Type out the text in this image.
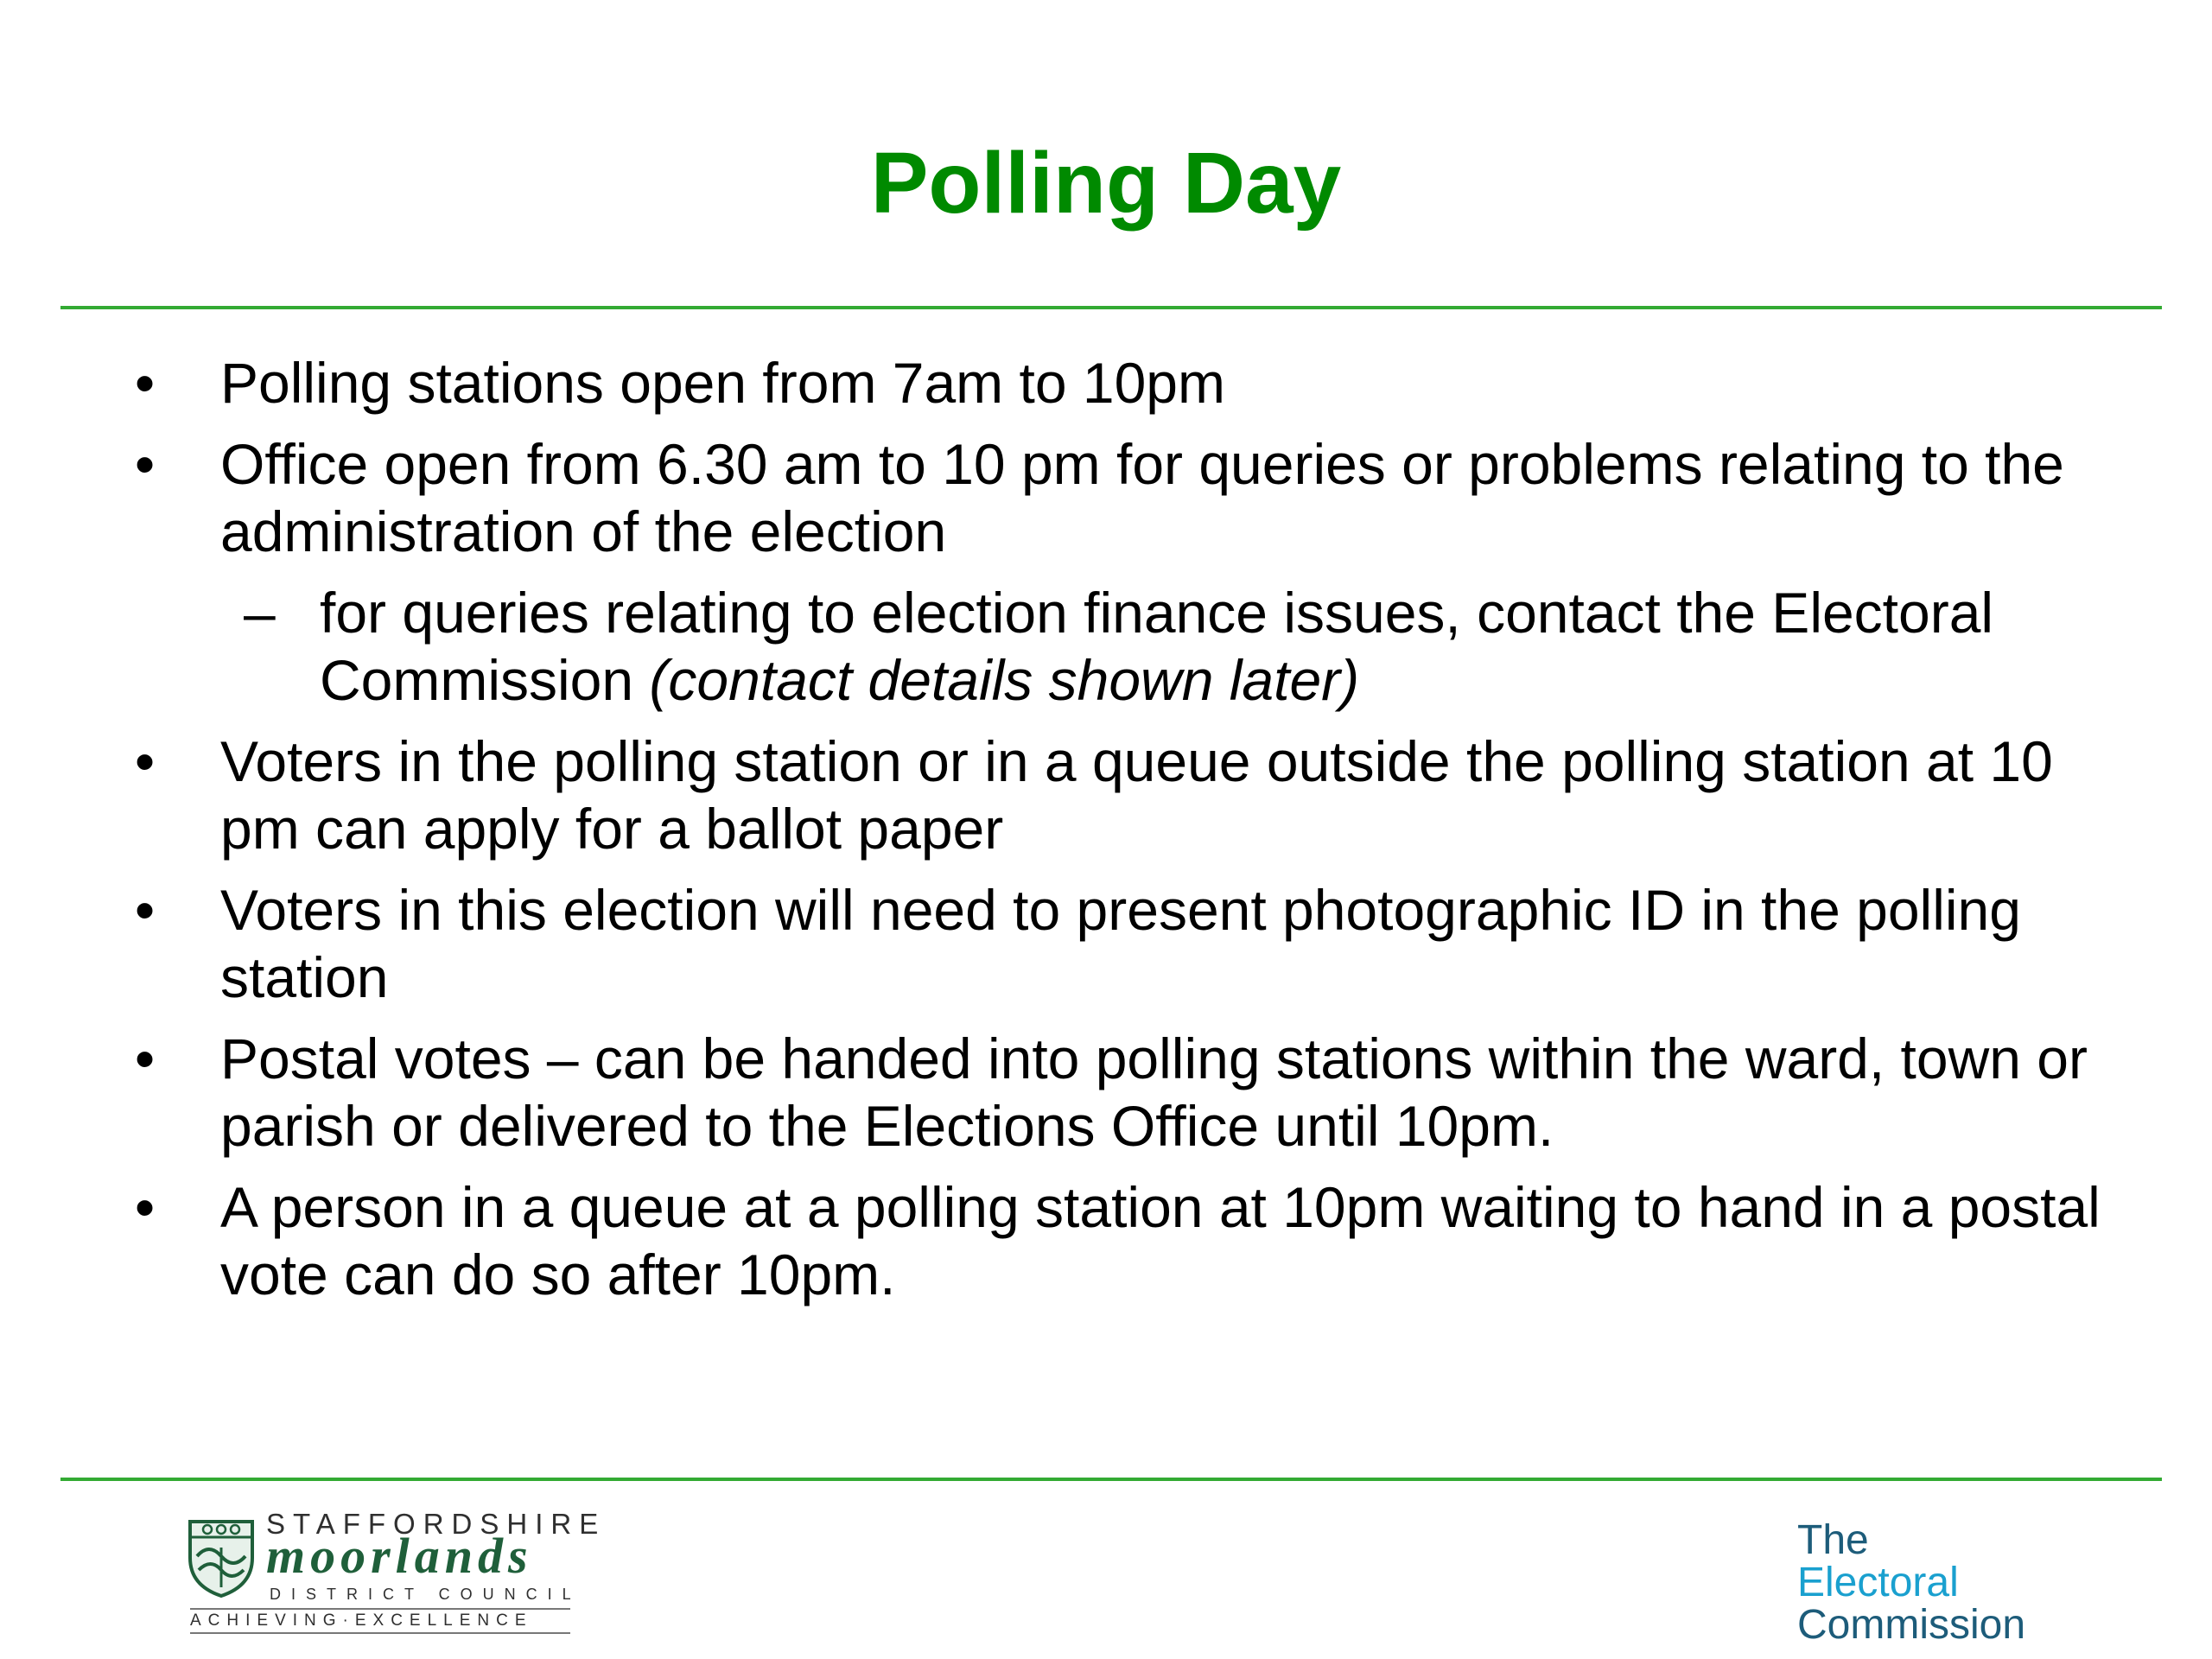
Polling Day
•	Polling stations open from 7am to 10pm
•	Office open from 6.30 am to 10 pm for queries or problems relating to the administration of the election
– for queries relating to election finance issues, contact the Electoral Commission (contact details shown later)
•	Voters in the polling station or in a queue outside the polling station at 10 pm can apply for a ballot paper
•	Voters in this election will need to present photographic ID in the polling station
•	Postal votes – can be handed into polling stations within the ward, town or parish or delivered to the Elections Office until 10pm.
•	A person in a queue at a polling station at 10pm waiting to hand in a postal vote can do so after 10pm.
STAFFORDSHIRE
moorlands
DISTRICT COUNCIL
ACHIEVING·EXCELLENCE
The
Electoral
Commission
